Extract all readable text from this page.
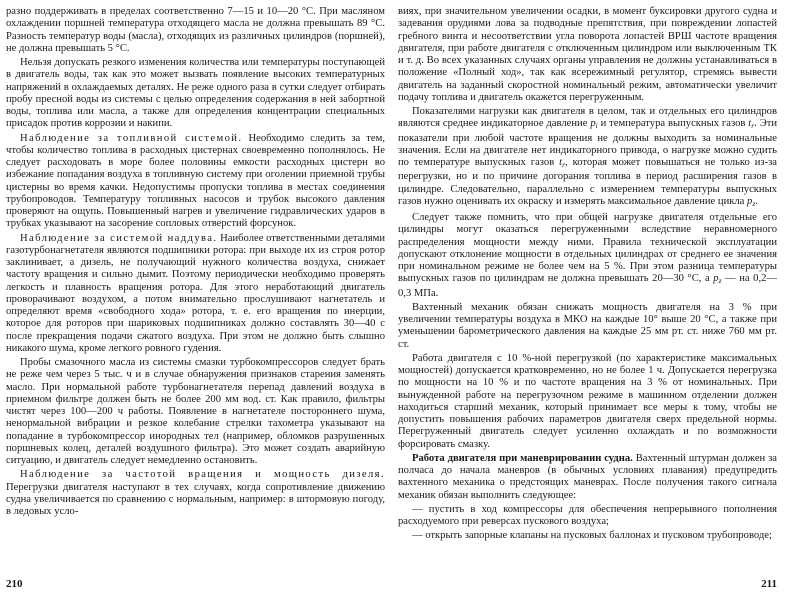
разно поддерживать в пределах соответственно 7—15 и 10—20 °С. При масляном охлаждении поршней температура отходящего масла не должна превышать 89 °С. Разность температур воды (масла), отходящих из различных цилиндров (поршней), не должна превышать 5 °С.

Нельзя допускать резкого изменения количества или температуры поступающей в двигатель воды, так как это может вызвать появление высоких температурных напряжений в охлаждаемых деталях. Не реже одного раза в сутки следует отбирать пробу пресной воды из системы с целью определения содержания в ней забортной воды, топлива или масла, а также для определения концентрации специальных присадок против коррозии и накипи.

Наблюдение за топливной системой. Необходимо следить за тем, чтобы количество топлива в расходных цистернах своевременно пополнялось. Не следует расходовать в море более половины емкости расходных цистерн во избежание попадания воздуха в топливную систему при оголении приемной трубы цистерны во время качки. Недопустимы пропуски топлива в местах соединения трубопроводов. Температуру топливных насосов и трубок высокого давления проверяют на ощупь. Повышенный нагрев и увеличение гидравлических ударов в трубках указывают на засорение сопловых отверстий форсунок.

Наблюдение за системой наддува. Наиболее ответственными деталями газотурбонагнетателя являются подшипники ротора: при выходе их из строя ротор заклинивает, а дизель, не получающий нужного количества воздуха, снижает частоту вращения и сильно дымит. Поэтому периодически необходимо проверять легкость и плавность вращения ротора. Для этого неработающий двигатель проворачивают воздухом, а потом внимательно прослушивают нагнетатель и определяют время «свободного хода» ротора, т. е. его вращения по инерции, которое для роторов при шариковых подшипниках должно составлять 30—40 с после прекращения подачи сжатого воздуха. При этом не должно быть слышно никакого шума, кроме легкого ровного гудения.

Пробы смазочного масла из системы смазки турбокомпрессоров следует брать не реже чем через 5 тыс. ч и в случае обнаружения признаков старения заменять масло. При нормальной работе турбонагнетателя перепад давлений воздуха в приемном фильтре должен быть не более 200 мм вод. ст. Как правило, фильтры чистят через 100—200 ч работы. Появление в нагнетателе постороннего шума, ненормальной вибрации и резкое колебание стрелки тахометра указывают на попадание в турбокомпрессор инородных тел (например, обломков разрушенных поршневых колец, деталей воздушного фильтра). Это может создать аварийную ситуацию, и двигатель следует немедленно остановить.

Наблюдение за частотой вращения и мощность дизеля. Перегрузки двигателя наступают в тех случаях, когда сопротивление движению судна увеличивается по сравнению с нормальным, например: в штормовую погоду, в ледовых усло-

210

виях, при значительном увеличении осадки, в момент буксировки другого судна и задевания орудиями лова за подводные препятствия, при повреждении лопастей гребного винта и несоответствии угла поворота лопастей ВРШ частоте вращения двигателя, при работе двигателя с отключенным цилиндром или выключенным ТК и т. д. Во всех указанных случаях органы управления не должны устанавливаться в положение «Полный ход», так как всережимный регулятор, стремясь вывести двигатель на заданный скоростной номинальный режим, автоматически увеличит подачу топлива и двигатель окажется перегруженным.

Показателями нагрузки как двигателя в целом, так и отдельных его цилиндров являются среднее индикаторное давление $p_i$ и температура выпускных газов $t_r$. Эти показатели при любой частоте вращения не должны выходить за номинальные значения. Если на двигателе нет индикаторного привода, о нагрузке можно судить по температуре выпускных газов $t_r$, которая может повышаться не только из-за перегрузки, но и по причине догорания топлива в период расширения газов в цилиндре. Следовательно, параллельно с измерением температуры выпускных газов нужно оценивать их окраску и измерять максимальное давление цикла $p_z$.

Следует также помнить, что при общей нагрузке двигателя отдельные его цилиндры могут оказаться перегруженными вследствие неравномерного распределения мощности между ними. Правила технической эксплуатации допускают отклонение мощности в отдельных цилиндрах от среднего ее значения при номинальном режиме не более чем на 5 %. При этом разница температуры выпускных газов по цилиндрам не должна превышать 20—30 °С, а $p_z$ — на 0,2—0,3 МПа.

Вахтенный механик обязан снижать мощность двигателя на 3 % при увеличении температуры воздуха в МКО на каждые 10° выше 20 °С, а также при уменьшении барометрического давления на каждые 25 мм рт. ст. ниже 760 мм рт. ст.

Работа двигателя с 10 %-ной перегрузкой (по характеристике максимальных мощностей) допускается кратковременно, но не более 1 ч. Допускается перегрузка по мощности на 10 % и по частоте вращения на 3 % от номинальных. При вынужденной работе на перегрузочном режиме в машинном отделении должен находиться старший механик, который принимает все меры к тому, чтобы не допустить повышения рабочих параметров двигателя сверх предельной нормы. Перегруженный двигатель следует усиленно охлаждать и по возможности форсировать смазку.

Работа двигателя при маневрировании судна. Вахтенный штурман должен за полчаса до начала маневров (в обычных условиях плавания) предупредить вахтенного механика о предстоящих маневрах. После получения такого сигнала механик обязан выполнить следующее:

— пустить в ход компрессоры для обеспечения непрерывного пополнения расходуемого при реверсах пускового воздуха;

— открыть запорные клапаны на пусковых баллонах и пусковом трубопроводе;

211
